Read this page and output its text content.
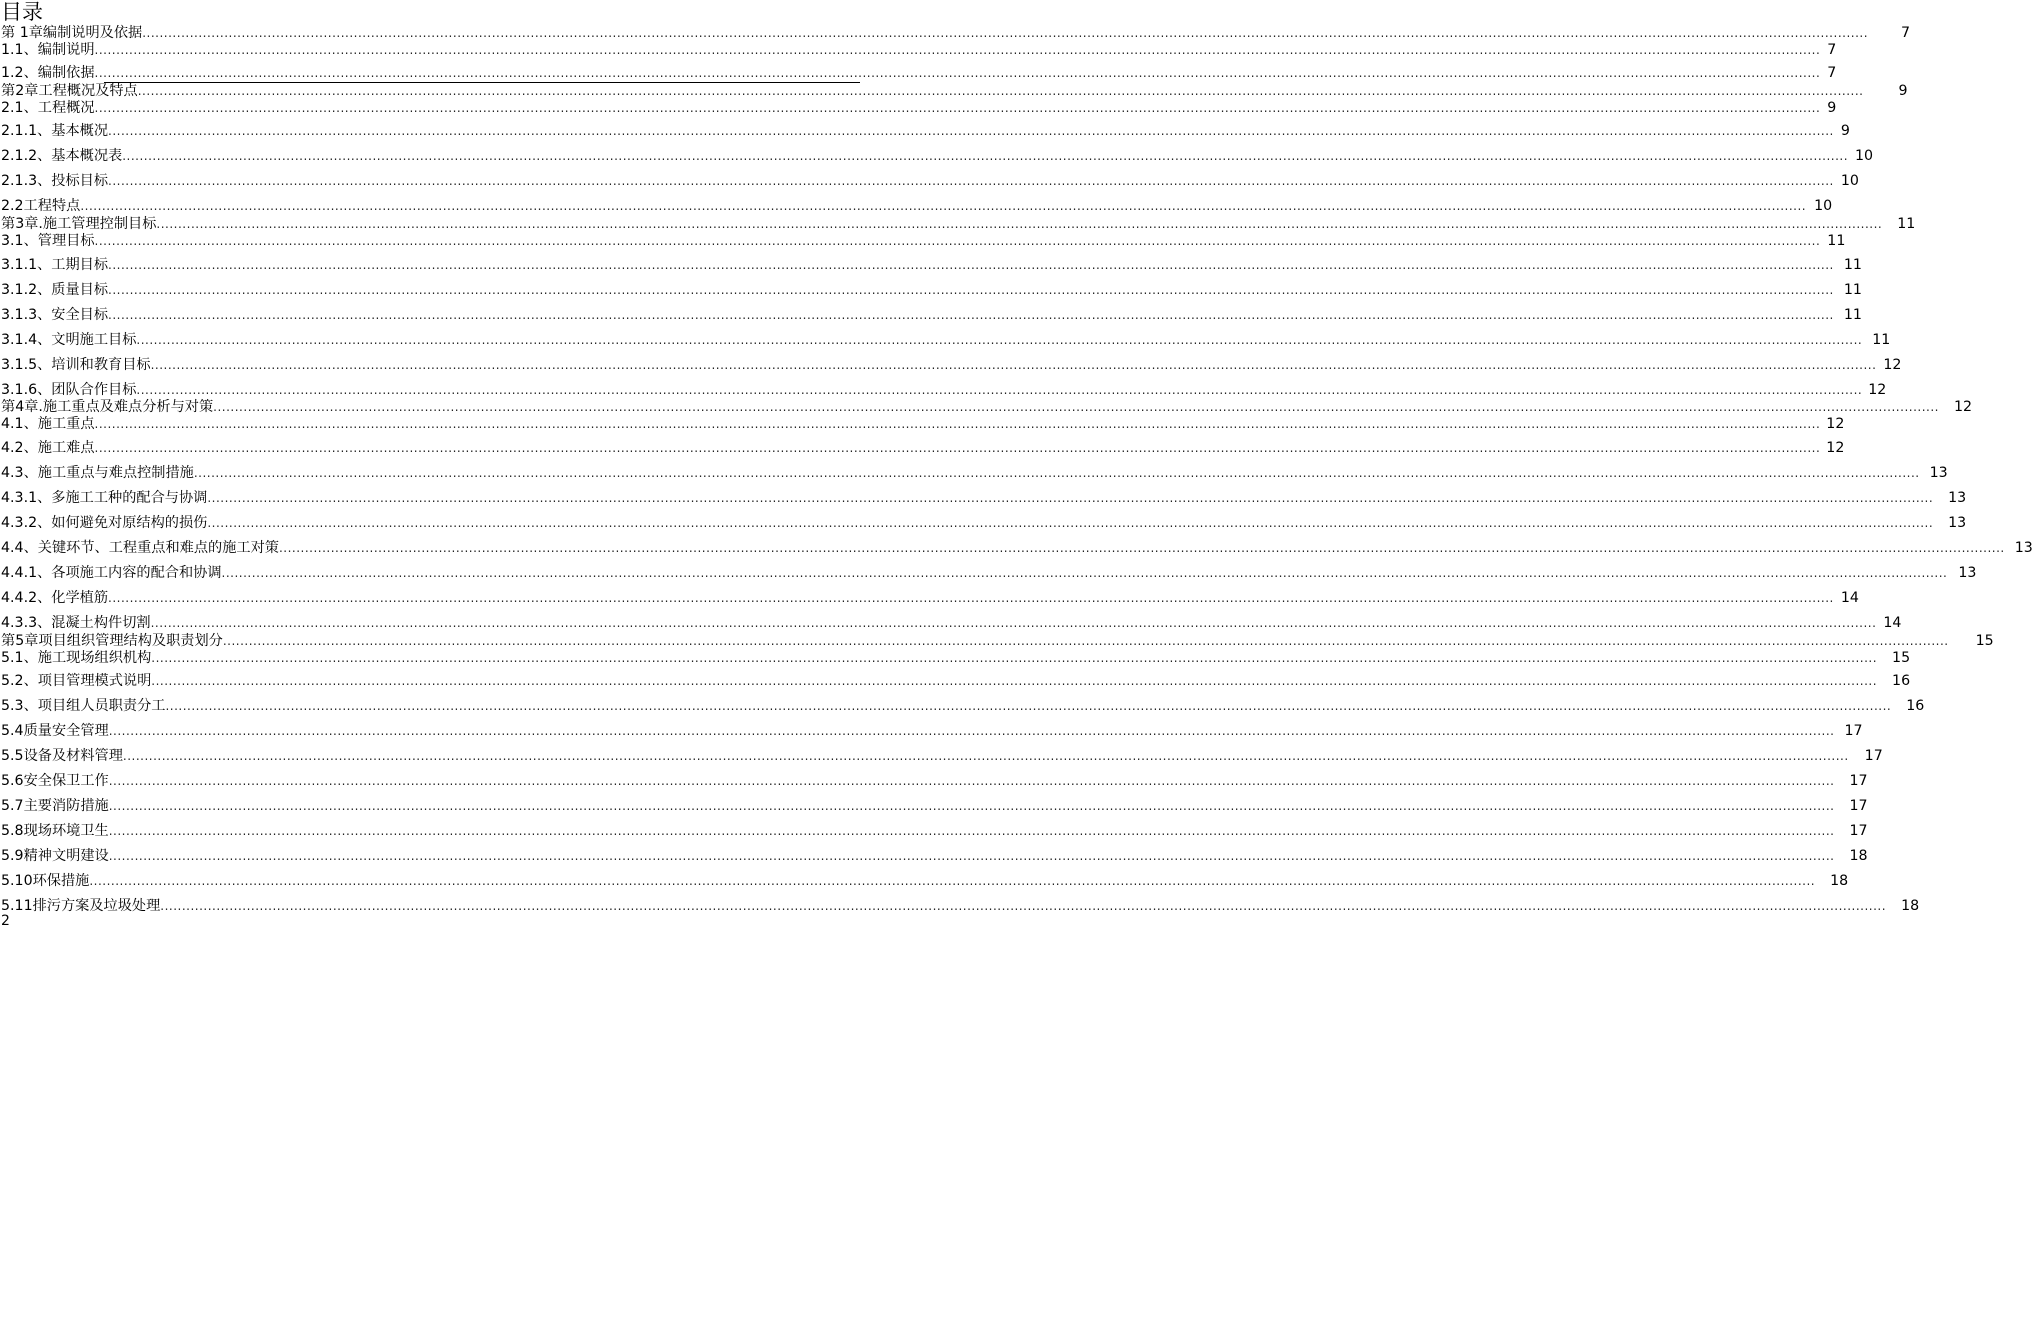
目录
第 1章编制说明及依据 ................................................................................................................................................................................................................................................................................................................................................................................................................ 7
1.1、编制说明 ................................................................................................................................................................................................................................................................................................................................................................................................................ 7
1.2、编制依据 ................................................................................................................................................................................................................................................................................................................................................................................................................ 7
第2章工程概况及特点 ................................................................................................................................................................................................................................................................................................................................................................................................................ 9
2.1、工程概况 ................................................................................................................................................................................................................................................................................................................................................................................................................ 9
2.1.1、基本概况 ................................................................................................................................................................................................................................................................................................................................................................................................................ 9
2.1.2、基本概况表 ................................................................................................................................................................................................................................................................................................................................................................................................................ 10
2.1.3、投标目标 ................................................................................................................................................................................................................................................................................................................................................................................................................ 10
2.2工程特点 ................................................................................................................................................................................................................................................................................................................................................................................................................ 10
第3章.施工管理控制目标 ................................................................................................................................................................................................................................................................................................................................................................................................................ 11
3.1、管理目标 ................................................................................................................................................................................................................................................................................................................................................................................................................ 11
3.1.1、工期目标 ................................................................................................................................................................................................................................................................................................................................................................................................................ 11
3.1.2、质量目标 ................................................................................................................................................................................................................................................................................................................................................................................................................ 11
3.1.3、安全目标 ................................................................................................................................................................................................................................................................................................................................................................................................................ 11
3.1.4、文明施工目标 ................................................................................................................................................................................................................................................................................................................................................................................................................ 11
3.1.5、培训和教育目标 ................................................................................................................................................................................................................................................................................................................................................................................................................ 12
3.1.6、团队合作目标 ................................................................................................................................................................................................................................................................................................................................................................................................................ 12
第4章.施工重点及难点分析与对策 ................................................................................................................................................................................................................................................................................................................................................................................................................ 12
4.1、施工重点 ................................................................................................................................................................................................................................................................................................................................................................................................................ 12
4.2、施工难点 ................................................................................................................................................................................................................................................................................................................................................................................................................ 12
4.3、施工重点与难点控制措施 ................................................................................................................................................................................................................................................................................................................................................................................................................ 13
4.3.1、多施工工种的配合与协调 ................................................................................................................................................................................................................................................................................................................................................................................................................ 13
4.3.2、如何避免对原结构的损伤 ................................................................................................................................................................................................................................................................................................................................................................................................................ 13
4.4、关键环节、工程重点和难点的施工对策 ................................................................................................................................................................................................................................................................................................................................................................................................................ 13
4.4.1、各项施工内容的配合和协调 ................................................................................................................................................................................................................................................................................................................................................................................................................ 13
4.4.2、化学植筋 ................................................................................................................................................................................................................................................................................................................................................................................................................ 14
4.3.3、混凝土构件切割 ................................................................................................................................................................................................................................................................................................................................................................................................................ 14
第5章项目组织管理结构及职责划分 ................................................................................................................................................................................................................................................................................................................................................................................................................ 15
5.1、施工现场组织机构 ................................................................................................................................................................................................................................................................................................................................................................................................................ 15
5.2、项目管理模式说明 ................................................................................................................................................................................................................................................................................................................................................................................................................ 16
5.3、项目组人员职责分工 ................................................................................................................................................................................................................................................................................................................................................................................................................ 16
5.4质量安全管理 ................................................................................................................................................................................................................................................................................................................................................................................................................ 17
5.5设备及材料管理 ................................................................................................................................................................................................................................................................................................................................................................................................................ 17
5.6安全保卫工作 ................................................................................................................................................................................................................................................................................................................................................................................................................ 17
5.7主要消防措施 ................................................................................................................................................................................................................................................................................................................................................................................................................ 17
5.8现场环境卫生 ................................................................................................................................................................................................................................................................................................................................................................................................................ 17
5.9精神文明建设 ................................................................................................................................................................................................................................................................................................................................................................................................................ 18
5.10环保措施 ................................................................................................................................................................................................................................................................................................................................................................................................................ 18
5.11排污方案及垃圾处理 ................................................................................................................................................................................................................................................................................................................................................................................................................ 18
2
